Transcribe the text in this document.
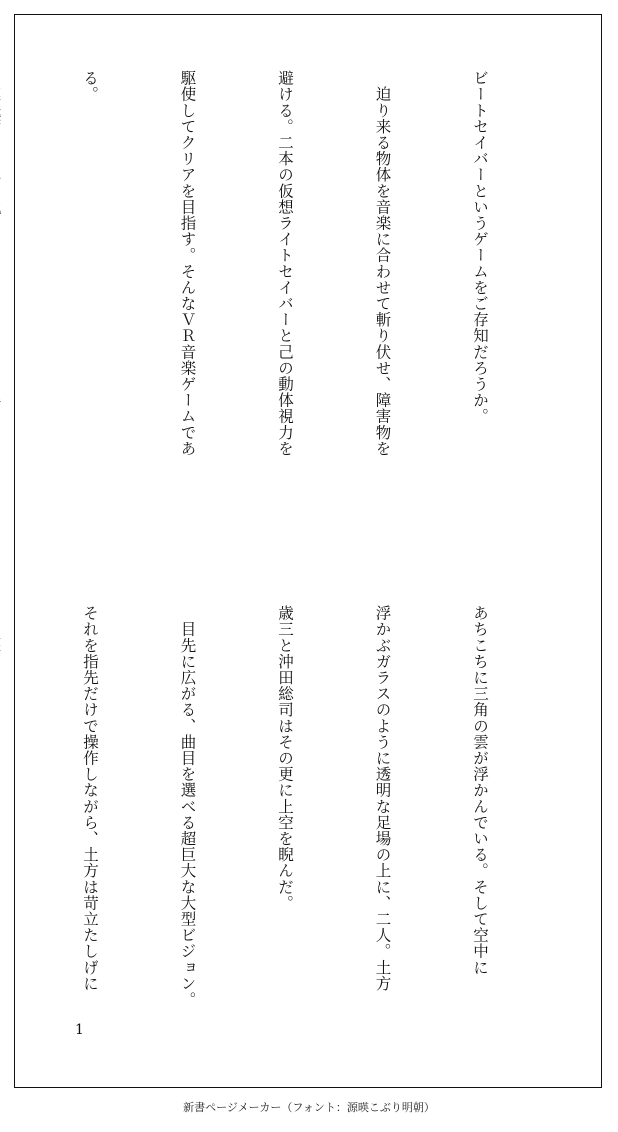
ビートセイバーというゲームをご存知だろうか。

　迫り来る物体を音楽に合わせて斬り伏せ、障害物を

避ける。二本の仮想ライトセイバーと己の動体視力を

駆使してクリアを目指す。そんなＶＲ音楽ゲームであ

る。

あちこちに三角の雲が浮かんでいる。そして空中に

浮かぶガラスのように透明な足場の上に、二人。土方

歳三と沖田総司はその更に上空を睨んだ。

　目先に広がる、曲目を選べる超巨大な大型ビジョン。

それを指先だけで操作しながら、土方は苛立たしげに

1
新書ページメーカー（フォント：源暎こぶり明朝）
